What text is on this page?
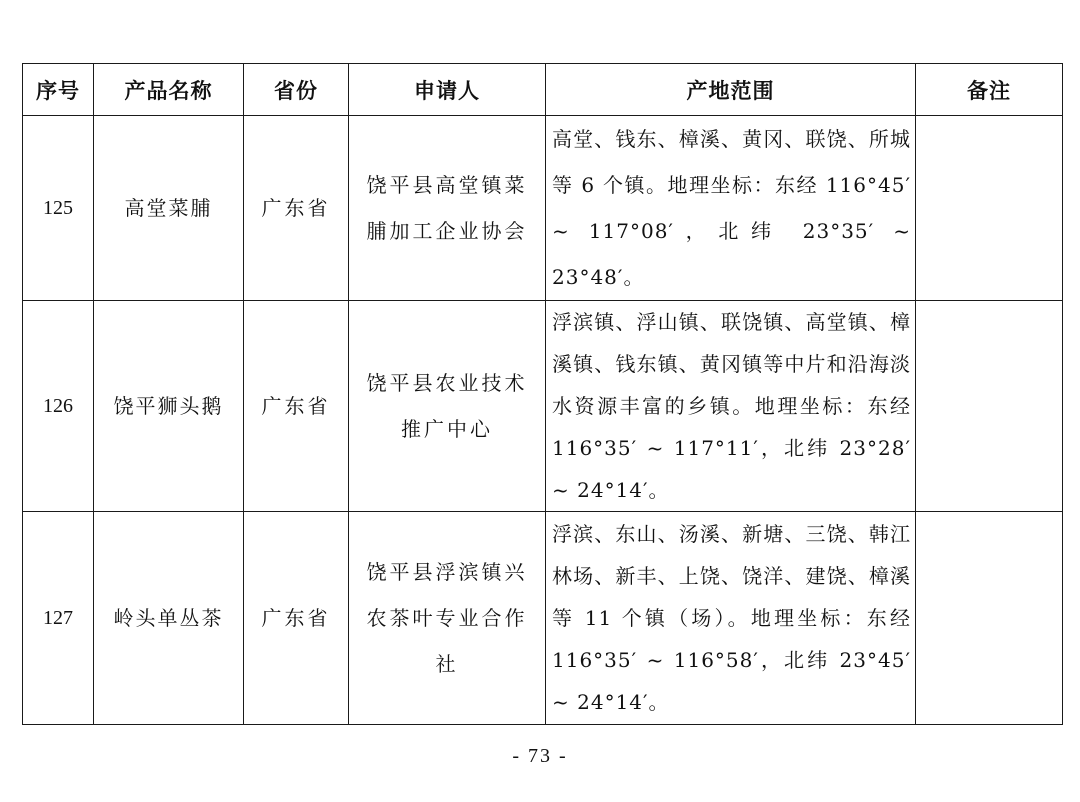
序号	产品名称	省份	申请人	产地范围	备注
125	高堂菜脯	广东省	饶平县高堂镇菜脯加工企业协会	高堂、钱东、樟溪、黄冈、联饶、所城等 6 个镇。地理坐标：东经 116°45′ ~ 117°08′，北纬 23°35′ ~ 23°48′。	
126	饶平狮头鹅	广东省	饶平县农业技术推广中心	浮滨镇、浮山镇、联饶镇、高堂镇、樟溪镇、钱东镇、黄冈镇等中片和沿海淡水资源丰富的乡镇。地理坐标：东经 116°35′ ~ 117°11′，北纬 23°28′ ~ 24°14′。	
127	岭头单丛茶	广东省	饶平县浮滨镇兴农茶叶专业合作社	浮滨、东山、汤溪、新塘、三饶、韩江林场、新丰、上饶、饶洋、建饶、樟溪等 11 个镇（场）。地理坐标：东经 116°35′ ~ 116°58′，北纬 23°45′ ~ 24°14′。	
- 73 -
